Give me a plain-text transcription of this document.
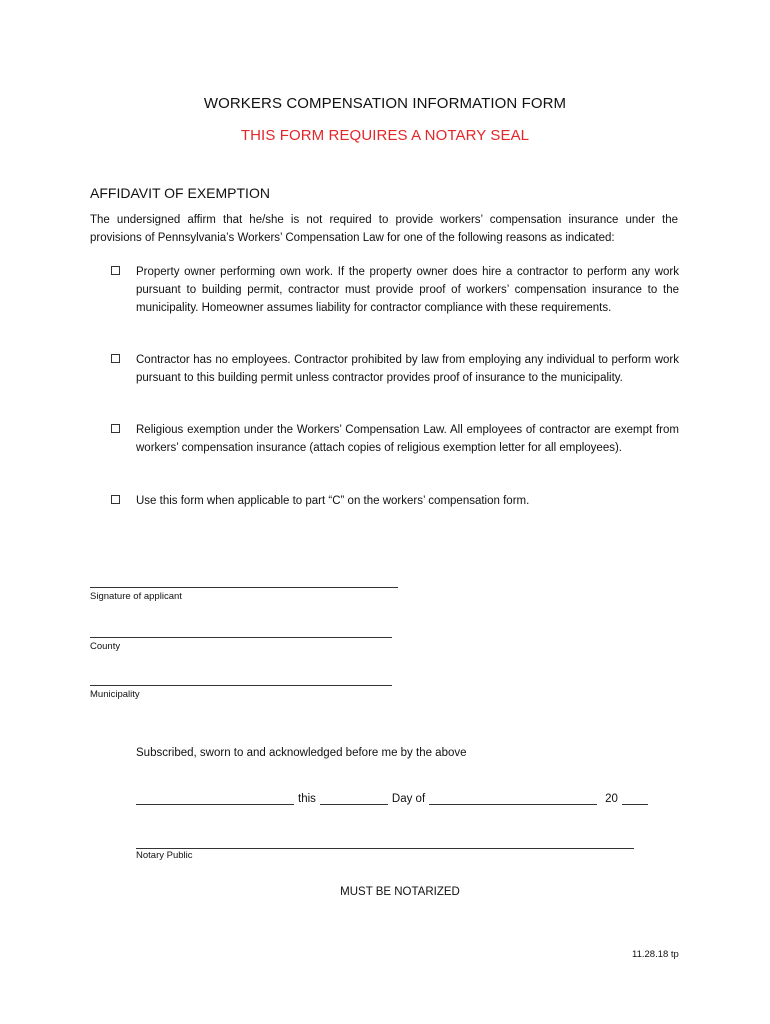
WORKERS COMPENSATION INFORMATION FORM
THIS FORM REQUIRES A NOTARY SEAL
AFFIDAVIT OF EXEMPTION
The undersigned affirm that he/she is not required to provide workers’ compensation insurance under the provisions of Pennsylvania’s Workers’ Compensation Law for one of the following reasons as indicated:
Property owner performing own work. If the property owner does hire a contractor to perform any work pursuant to building permit, contractor must provide proof of workers’ compensation insurance to the municipality. Homeowner assumes liability for contractor compliance with these requirements.
Contractor has no employees. Contractor prohibited by law from employing any individual to perform work pursuant to this building permit unless contractor provides proof of insurance to the municipality.
Religious exemption under the Workers’ Compensation Law. All employees of contractor are exempt from workers’ compensation insurance (attach copies of religious exemption letter for all employees).
Use this form when applicable to part “C” on the workers’ compensation form.
Signature of applicant
County
Municipality
Subscribed, sworn to and acknowledged before me by the above
this	Day of	20
Notary Public
MUST BE NOTARIZED
11.28.18 tp
